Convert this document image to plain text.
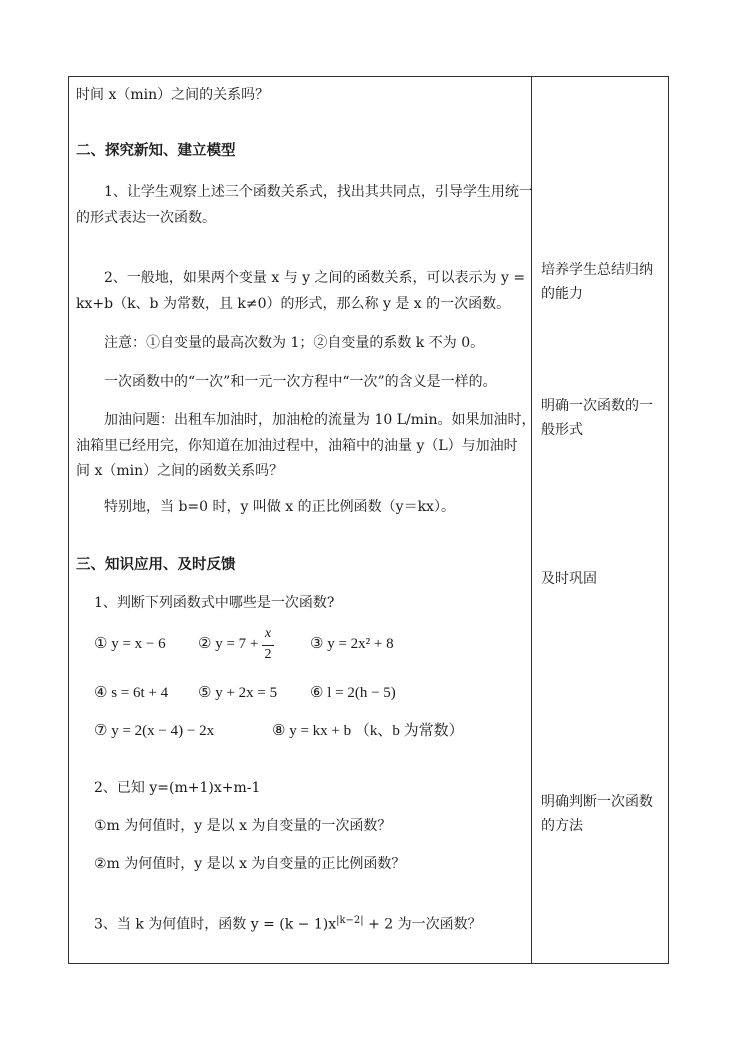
时间 x（min）之间的关系吗？
二、探究新知、建立模型
1、让学生观察上述三个函数关系式，找出其共同点，引导学生用统一
的形式表达一次函数。
2、一般地，如果两个变量 x 与 y 之间的函数关系，可以表示为 y =
kx+b（k、b 为常数，且 k≠0）的形式，那么称 y 是 x 的一次函数。
注意：①自变量的最高次数为 1；②自变量的系数 k 不为 0。
一次函数中的“一次”和一元一次方程中“一次”的含义是一样的。
加油问题：出租车加油时，加油枪的流量为 10 L/min。如果加油时，
油箱里已经用完，你知道在加油过程中，油箱中的油量 y（L）与加油时
间 x（min）之间的函数关系吗？
特别地，当 b=0 时，y 叫做 x 的正比例函数（y＝kx）。
三、知识应用、及时反馈
1、判断下列函数式中哪些是一次函数?
① y = x − 6 ② y = 7 +
x
2
③ y = 2x² + 8
④ s = 6t + 4 ⑤ y + 2x = 5 ⑥ l = 2(h − 5)
⑦ y = 2(x − 4) − 2x	⑧ y = kx + b （k、b 为常数）
2、已知 y=(m+1)x+m-1
①m 为何值时，y 是以 x 为自变量的一次函数？
②m 为何值时，y 是以 x 为自变量的正比例函数？
3、当 k 为何值时，函数 $y = (k - 1)x^{|k-2|} + 2$ 为一次函数？
培养学生总结归纳
的能力
明确一次函数的一
般形式
及时巩固
明确判断一次函数
的方法
